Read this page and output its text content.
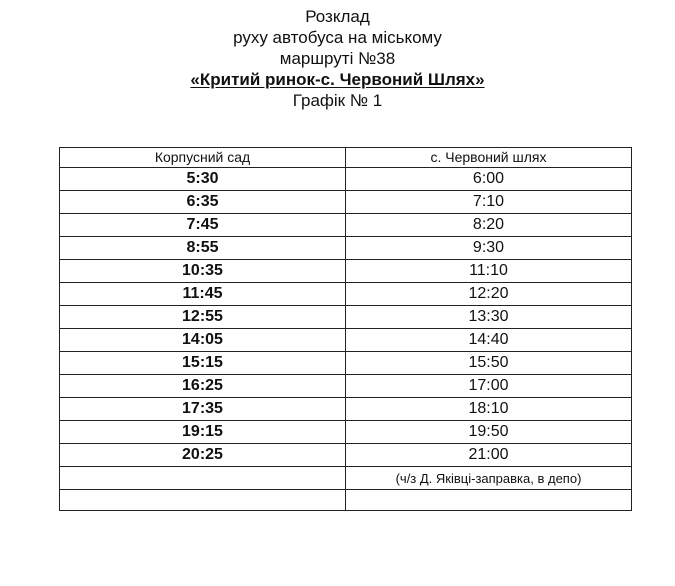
Розклад
руху автобуса на міському
маршруті №38
«Критий ринок-с. Червоний Шлях»
Графік № 1
Корпусний сад	с. Червоний шлях
5:30	6:00
6:35	7:10
7:45	8:20
8:55	9:30
10:35	11:10
11:45	12:20
12:55	13:30
14:05	14:40
15:15	15:50
16:25	17:00
17:35	18:10
19:15	19:50
20:25	21:00
	(ч/з Д. Яківці-заправка, в депо)
